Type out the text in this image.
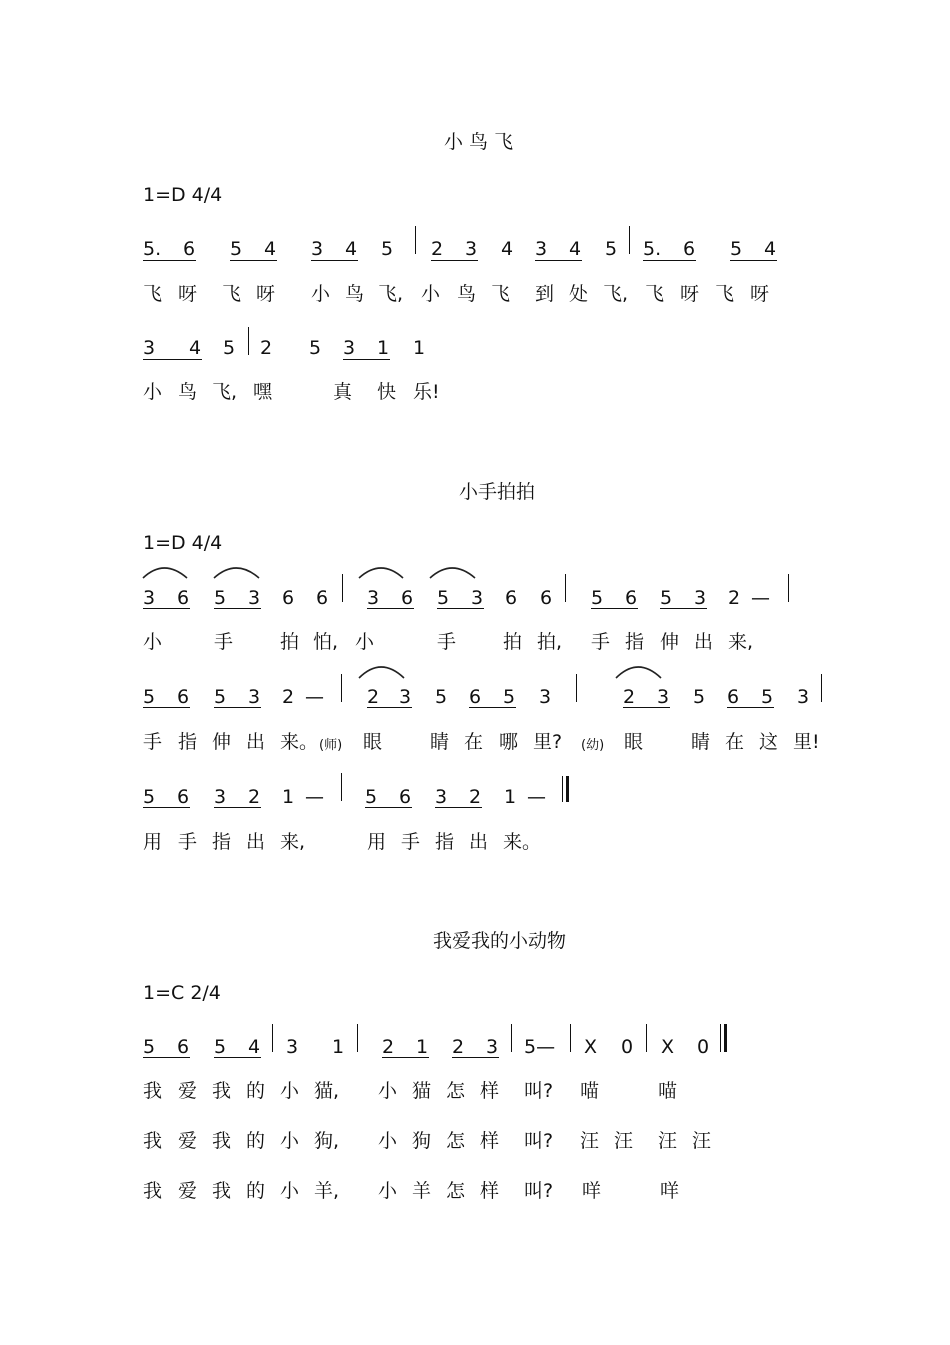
小 鸟 飞
1=D 4/4
5. 6 5 4 3 4 5 2 3 4 3 4 5 5. 6 5 4
飞 呀 飞 呀 小 鸟 飞, 小 鸟 飞 到 处 飞, 飞 呀 飞 呀
3 4 5 2 5 3 1 1
小 鸟 飞, 嘿	真 快 乐!
小手拍拍
1=D 4/4
3 6 5 3 6 6 3 6 5 3 6 6 5 6 5 3 2 —
小	手 拍 怕, 小	手 拍 拍, 手 指 伸 出 来,
5 6 5 3 2 — 2 3 5 6 5 3	2 3 5 6 5 3
手 指 伸 出 来。 (师) 眼	睛 在 哪 里? (幼) 眼	睛 在 这 里!
5 6 3 2 1 — 5 6 3 2 1 —
用 手 指 出 来,	用 手 指 出 来。
我爱我的小动物
1=C 2/4
5 6 5 4 3 1 2 1 2 3 5— X 0 X 0
我 爱 我 的 小 猫, 小 猫 怎 样 叫? 喵	喵
我 爱 我 的 小 狗, 小 狗 怎 样 叫? 汪 汪 汪 汪
我 爱 我 的 小 羊, 小 羊 怎 样 叫? 咩	咩
